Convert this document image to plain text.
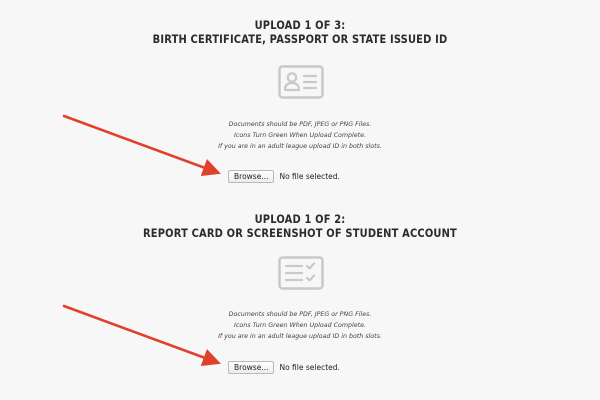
UPLOAD 1 OF 3:
BIRTH CERTIFICATE, PASSPORT OR STATE ISSUED ID
Documents should be PDF, JPEG or PNG Files.
Icons Turn Green When Upload Complete.
If you are in an adult league upload ID in both slots.
Browse...	No file selected.
UPLOAD 1 OF 2:
REPORT CARD OR SCREENSHOT OF STUDENT ACCOUNT
Documents should be PDF, JPEG or PNG Files.
Icons Turn Green When Upload Complete.
If you are in an adult league upload ID in both slots.
Browse...	No file selected.
